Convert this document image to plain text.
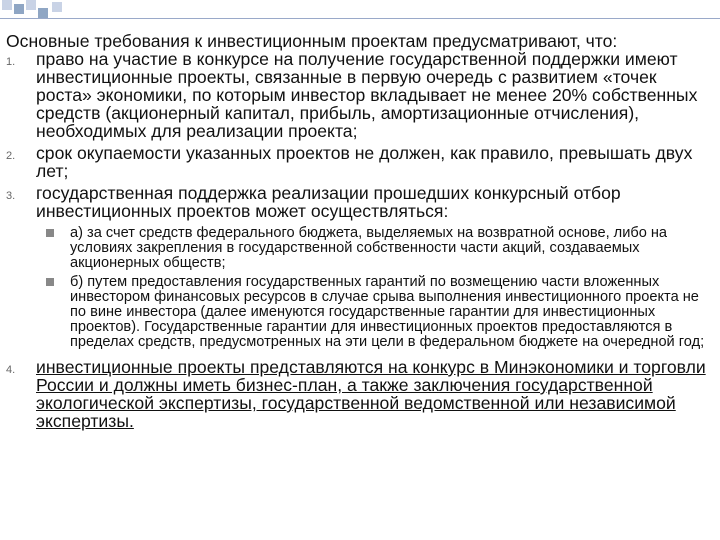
Основные требования к инвестиционным проектам предусматривают, что:

1. право на участие в конкурсе на получение государственной поддержки имеют инвестиционные проекты, связанные в первую очередь с развитием «точек роста» экономики, по которым инвестор вкладывает не менее 20% собственных средств (акционерный капитал, прибыль, амортизационные отчисления), необходимых для реализации проекта;
2. срок окупаемости указанных проектов не должен, как правило, превышать двух лет;
3. государственная поддержка реализации прошедших конкурсный отбор инвестиционных проектов может осуществляться:
а) за счет средств федерального бюджета, выделяемых на возвратной основе, либо на условиях закрепления в государственной собственности части акций, создаваемых акционерных обществ;
б) путем предоставления государственных гарантий по возмещению части вложенных инвестором финансовых ресурсов в случае срыва выполнения инвестиционного проекта не по вине инвестора (далее именуются государственные гарантии для инвестиционных проектов). Государственные гарантии для инвестиционных проектов предоставляются в пределах средств, предусмотренных на эти цели в федеральном бюджете на очередной год;
4. инвестиционные проекты представляются на конкурс в Минэкономики и торговли России и должны иметь бизнес-план, а также заключения государственной экологической экспертизы, государственной ведомственной или независимой экспертизы.
